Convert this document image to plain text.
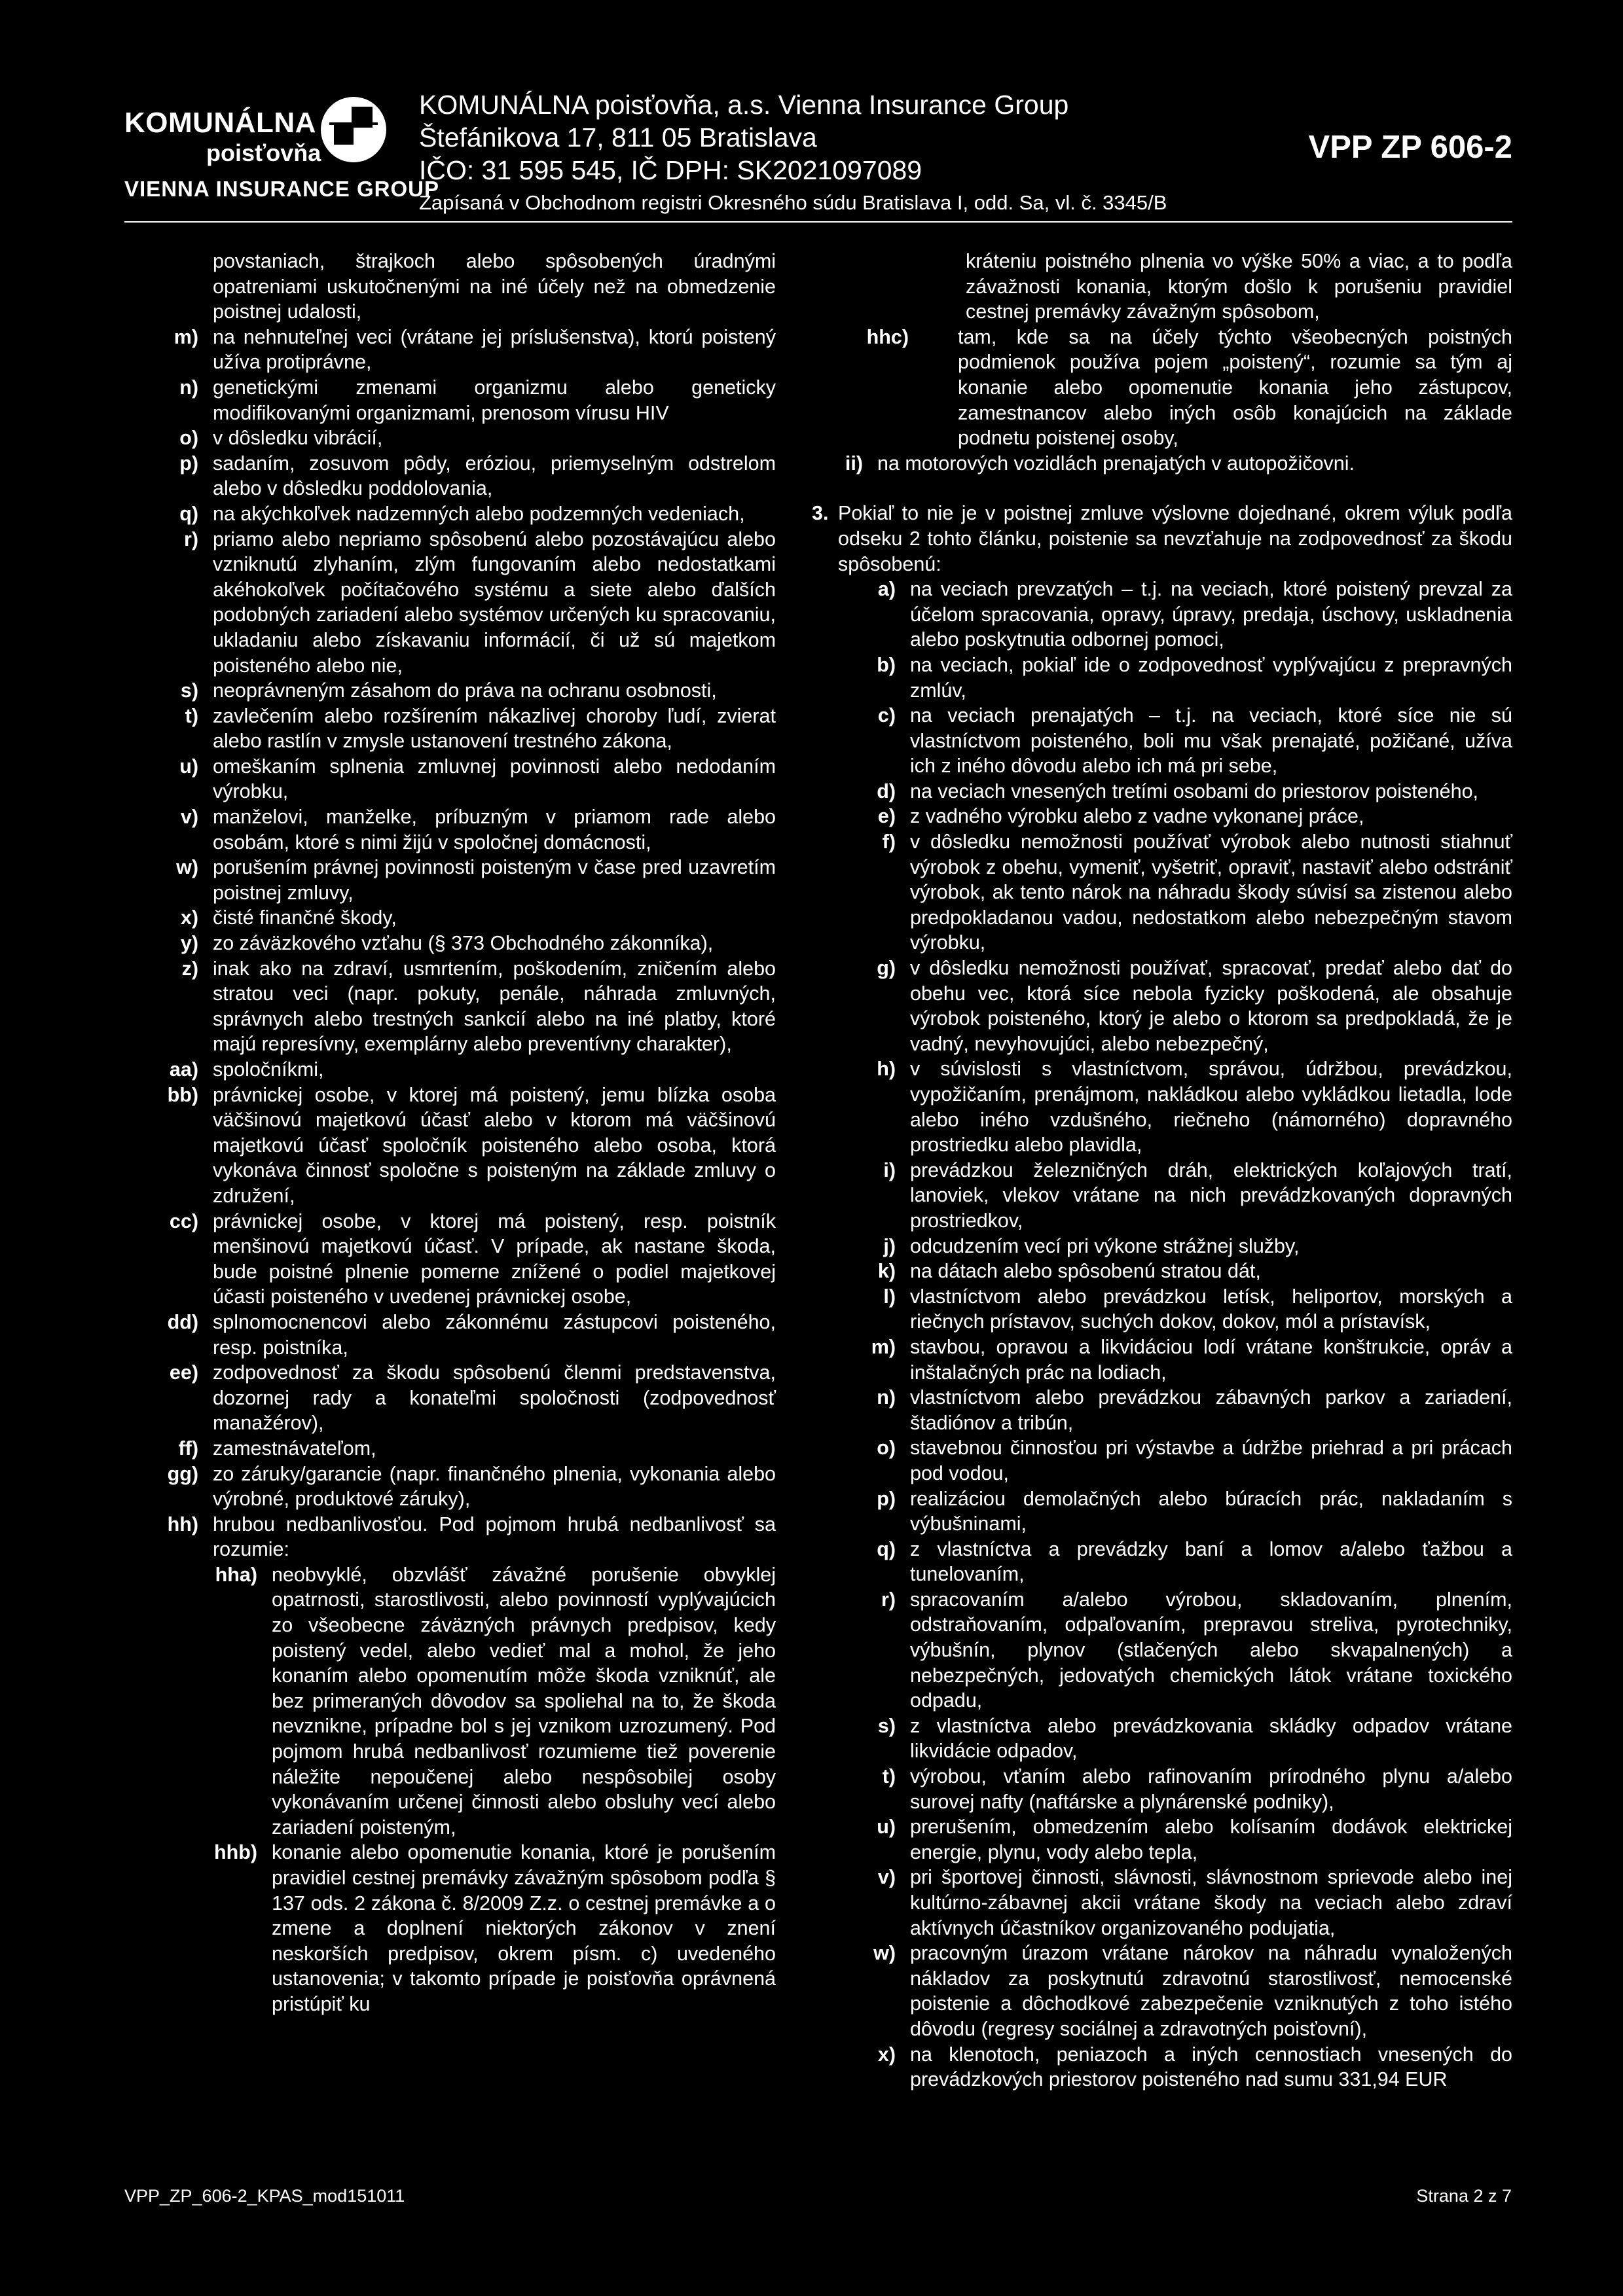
KOMUNÁLNA
poisťovňa
VIENNA INSURANCE GROUP
KOMUNÁLNA poisťovňa, a.s. Vienna Insurance Group
Štefánikova 17, 811 05 Bratislava
IČO: 31 595 545, IČ DPH: SK2021097089
Zapísaná v Obchodnom registri Okresného súdu Bratislava I, odd. Sa, vl. č. 3345/B
VPP ZP 606-2
povstaniach, štrajkoch alebo spôsobených úradnými opatreniami uskutočnenými na iné účely než na obmedzenie poistnej udalosti,
m) na nehnuteľnej veci (vrátane jej príslušenstva), ktorú poistený užíva protiprávne,
n) genetickými zmenami organizmu alebo geneticky modifikovanými organizmami, prenosom vírusu HIV
o) v dôsledku vibrácií,
p) sadaním, zosuvom pôdy, eróziou, priemyselným odstrelom alebo v dôsledku poddolovania,
q) na akýchkoľvek nadzemných alebo podzemných vedeniach,
r) priamo alebo nepriamo spôsobenú alebo pozostávajúcu alebo vzniknutú zlyhaním, zlým fungovaním alebo nedostatkami akéhokoľvek počítačového systému a siete alebo ďalších podobných zariadení alebo systémov určených ku spracovaniu, ukladaniu alebo získavaniu informácií, či už sú majetkom poisteného alebo nie,
s) neoprávneným zásahom do práva na ochranu osobnosti,
t) zavlečením alebo rozšírením nákazlivej choroby ľudí, zvierat alebo rastlín v zmysle ustanovení trestného zákona,
u) omeškaním splnenia zmluvnej povinnosti alebo nedodaním výrobku,
v) manželovi, manželke, príbuzným v priamom rade alebo osobám, ktoré s nimi žijú v spoločnej domácnosti,
w) porušením právnej povinnosti poisteným v čase pred uzavretím poistnej zmluvy,
x) čisté finančné škody,
y) zo záväzkového vzťahu (§ 373 Obchodného zákonníka),
z) inak ako na zdraví, usmrtením, poškodením, zničením alebo stratou veci (napr. pokuty, penále, náhrada zmluvných, správnych alebo trestných sankcií alebo na iné platby, ktoré majú represívny, exemplárny alebo preventívny charakter),
aa) spoločníkmi,
bb) právnickej osobe, v ktorej má poistený, jemu blízka osoba väčšinovú majetkovú účasť alebo v ktorom má väčšinovú majetkovú účasť spoločník poisteného alebo osoba, ktorá vykonáva činnosť spoločne s poisteným na základe zmluvy o združení,
cc) právnickej osobe, v ktorej má poistený, resp. poistník menšinovú majetkovú účasť. V prípade, ak nastane škoda, bude poistné plnenie pomerne znížené o podiel majetkovej účasti poisteného v uvedenej právnickej osobe,
dd) splnomocnencovi alebo zákonnému zástupcovi poisteného, resp. poistníka,
ee) zodpovednosť za škodu spôsobenú členmi predstavenstva, dozornej rady a konateľmi spoločnosti (zodpovednosť manažérov),
ff) zamestnávateľom,
gg) zo záruky/garancie (napr. finančného plnenia, vykonania alebo výrobné, produktové záruky),
hh) hrubou nedbanlivosťou. Pod pojmom hrubá nedbanlivosť sa rozumie:
hha) neobvyklé, obzvlášť závažné porušenie obvyklej opatrnosti, starostlivosti, alebo povinností vyplývajúcich zo všeobecne záväzných právnych predpisov, kedy poistený vedel, alebo vedieť mal a mohol, že jeho konaním alebo opomenutím môže škoda vzniknúť, ale bez primeraných dôvodov sa spoliehal na to, že škoda nevznikne, prípadne bol s jej vznikom uzrozumený. Pod pojmom hrubá nedbanlivosť rozumieme tiež poverenie náležite nepoučenej alebo nespôsobilej osoby vykonávaním určenej činnosti alebo obsluhy vecí alebo zariadení poisteným,
hhb) konanie alebo opomenutie konania, ktoré je porušením pravidiel cestnej premávky závažným spôsobom podľa § 137 ods. 2 zákona č. 8/2009 Z.z. o cestnej premávke a o zmene a doplnení niektorých zákonov v znení neskorších predpisov, okrem písm. c) uvedeného ustanovenia; v takomto prípade je poisťovňa oprávnená pristúpiť ku
kráteniu poistného plnenia vo výške 50% a viac, a to podľa závažnosti konania, ktorým došlo k porušeniu pravidiel cestnej premávky závažným spôsobom,
hhc)	tam, kde sa na účely týchto všeobecných poistných podmienok používa pojem „poistený“, rozumie sa tým aj konanie alebo opomenutie konania jeho zástupcov, zamestnancov alebo iných osôb konajúcich na základe podnetu poistenej osoby,
ii) na motorových vozidlách prenajatých v autopožičovni.
3. Pokiaľ to nie je v poistnej zmluve výslovne dojednané, okrem výluk podľa odseku 2 tohto článku, poistenie sa nevzťahuje na zodpovednosť za škodu spôsobenú:
a) na veciach prevzatých – t.j. na veciach, ktoré poistený prevzal za účelom spracovania, opravy, úpravy, predaja, úschovy, uskladnenia alebo poskytnutia odbornej pomoci,
b) na veciach, pokiaľ ide o zodpovednosť vyplývajúcu z prepravných zmlúv,
c) na veciach prenajatých – t.j. na veciach, ktoré síce nie sú vlastníctvom poisteného, boli mu však prenajaté, požičané, užíva ich z iného dôvodu alebo ich má pri sebe,
d) na veciach vnesených tretími osobami do priestorov poisteného,
e) z vadného výrobku alebo z vadne vykonanej práce,
f) v dôsledku nemožnosti používať výrobok alebo nutnosti stiahnuť výrobok z obehu, vymeniť, vyšetriť, opraviť, nastaviť alebo odstrániť výrobok, ak tento nárok na náhradu škody súvisí sa zistenou alebo predpokladanou vadou, nedostatkom alebo nebezpečným stavom výrobku,
g) v dôsledku nemožnosti používať, spracovať, predať alebo dať do obehu vec, ktorá síce nebola fyzicky poškodená, ale obsahuje výrobok poisteného, ktorý je alebo o ktorom sa predpokladá, že je vadný, nevyhovujúci, alebo nebezpečný,
h) v súvislosti s vlastníctvom, správou, údržbou, prevádzkou, vypožičaním, prenájmom, nakládkou alebo vykládkou lietadla, lode alebo iného vzdušného, riečneho (námorného) dopravného prostriedku alebo plavidla,
i) prevádzkou železničných dráh, elektrických koľajových tratí, lanoviek, vlekov vrátane na nich prevádzkovaných dopravných prostriedkov,
j) odcudzením vecí pri výkone strážnej služby,
k) na dátach alebo spôsobenú stratou dát,
l) vlastníctvom alebo prevádzkou letísk, heliportov, morských a riečnych prístavov, suchých dokov, dokov, mól a prístavísk,
m) stavbou, opravou a likvidáciou lodí vrátane konštrukcie, opráv a inštalačných prác na lodiach,
n) vlastníctvom alebo prevádzkou zábavných parkov a zariadení, štadiónov a tribún,
o) stavebnou činnosťou pri výstavbe a údržbe priehrad a pri prácach pod vodou,
p) realizáciou demolačných alebo búracích prác, nakladaním s výbušninami,
q) z vlastníctva a prevádzky baní a lomov a/alebo ťažbou a tunelovaním,
r) spracovaním a/alebo výrobou, skladovaním, plnením, odstraňovaním, odpaľovaním, prepravou streliva, pyrotechniky, výbušnín, plynov (stlačených alebo skvapalnených) a nebezpečných, jedovatých chemických látok vrátane toxického odpadu,
s) z vlastníctva alebo prevádzkovania skládky odpadov vrátane likvidácie odpadov,
t) výrobou, vťaním alebo rafinovaním prírodného plynu a/alebo surovej nafty (naftárske a plynárenské podniky),
u) prerušením, obmedzením alebo kolísaním dodávok elektrickej energie, plynu, vody alebo tepla,
v) pri športovej činnosti, slávnosti, slávnostnom sprievode alebo inej kultúrno-zábavnej akcii vrátane škody na veciach alebo zdraví aktívnych účastníkov organizovaného podujatia,
w) pracovným úrazom vrátane nárokov na náhradu vynaložených nákladov za poskytnutú zdravotnú starostlivosť, nemocenské poistenie a dôchodkové zabezpečenie vzniknutých z toho istého dôvodu (regresy sociálnej a zdravotných poisťovní),
x) na klenotoch, peniazoch a iných cennostiach vnesených do prevádzkových priestorov poisteného nad sumu 331,94 EUR
VPP_ZP_606-2_KPAS_mod151011	Strana 2 z 7
